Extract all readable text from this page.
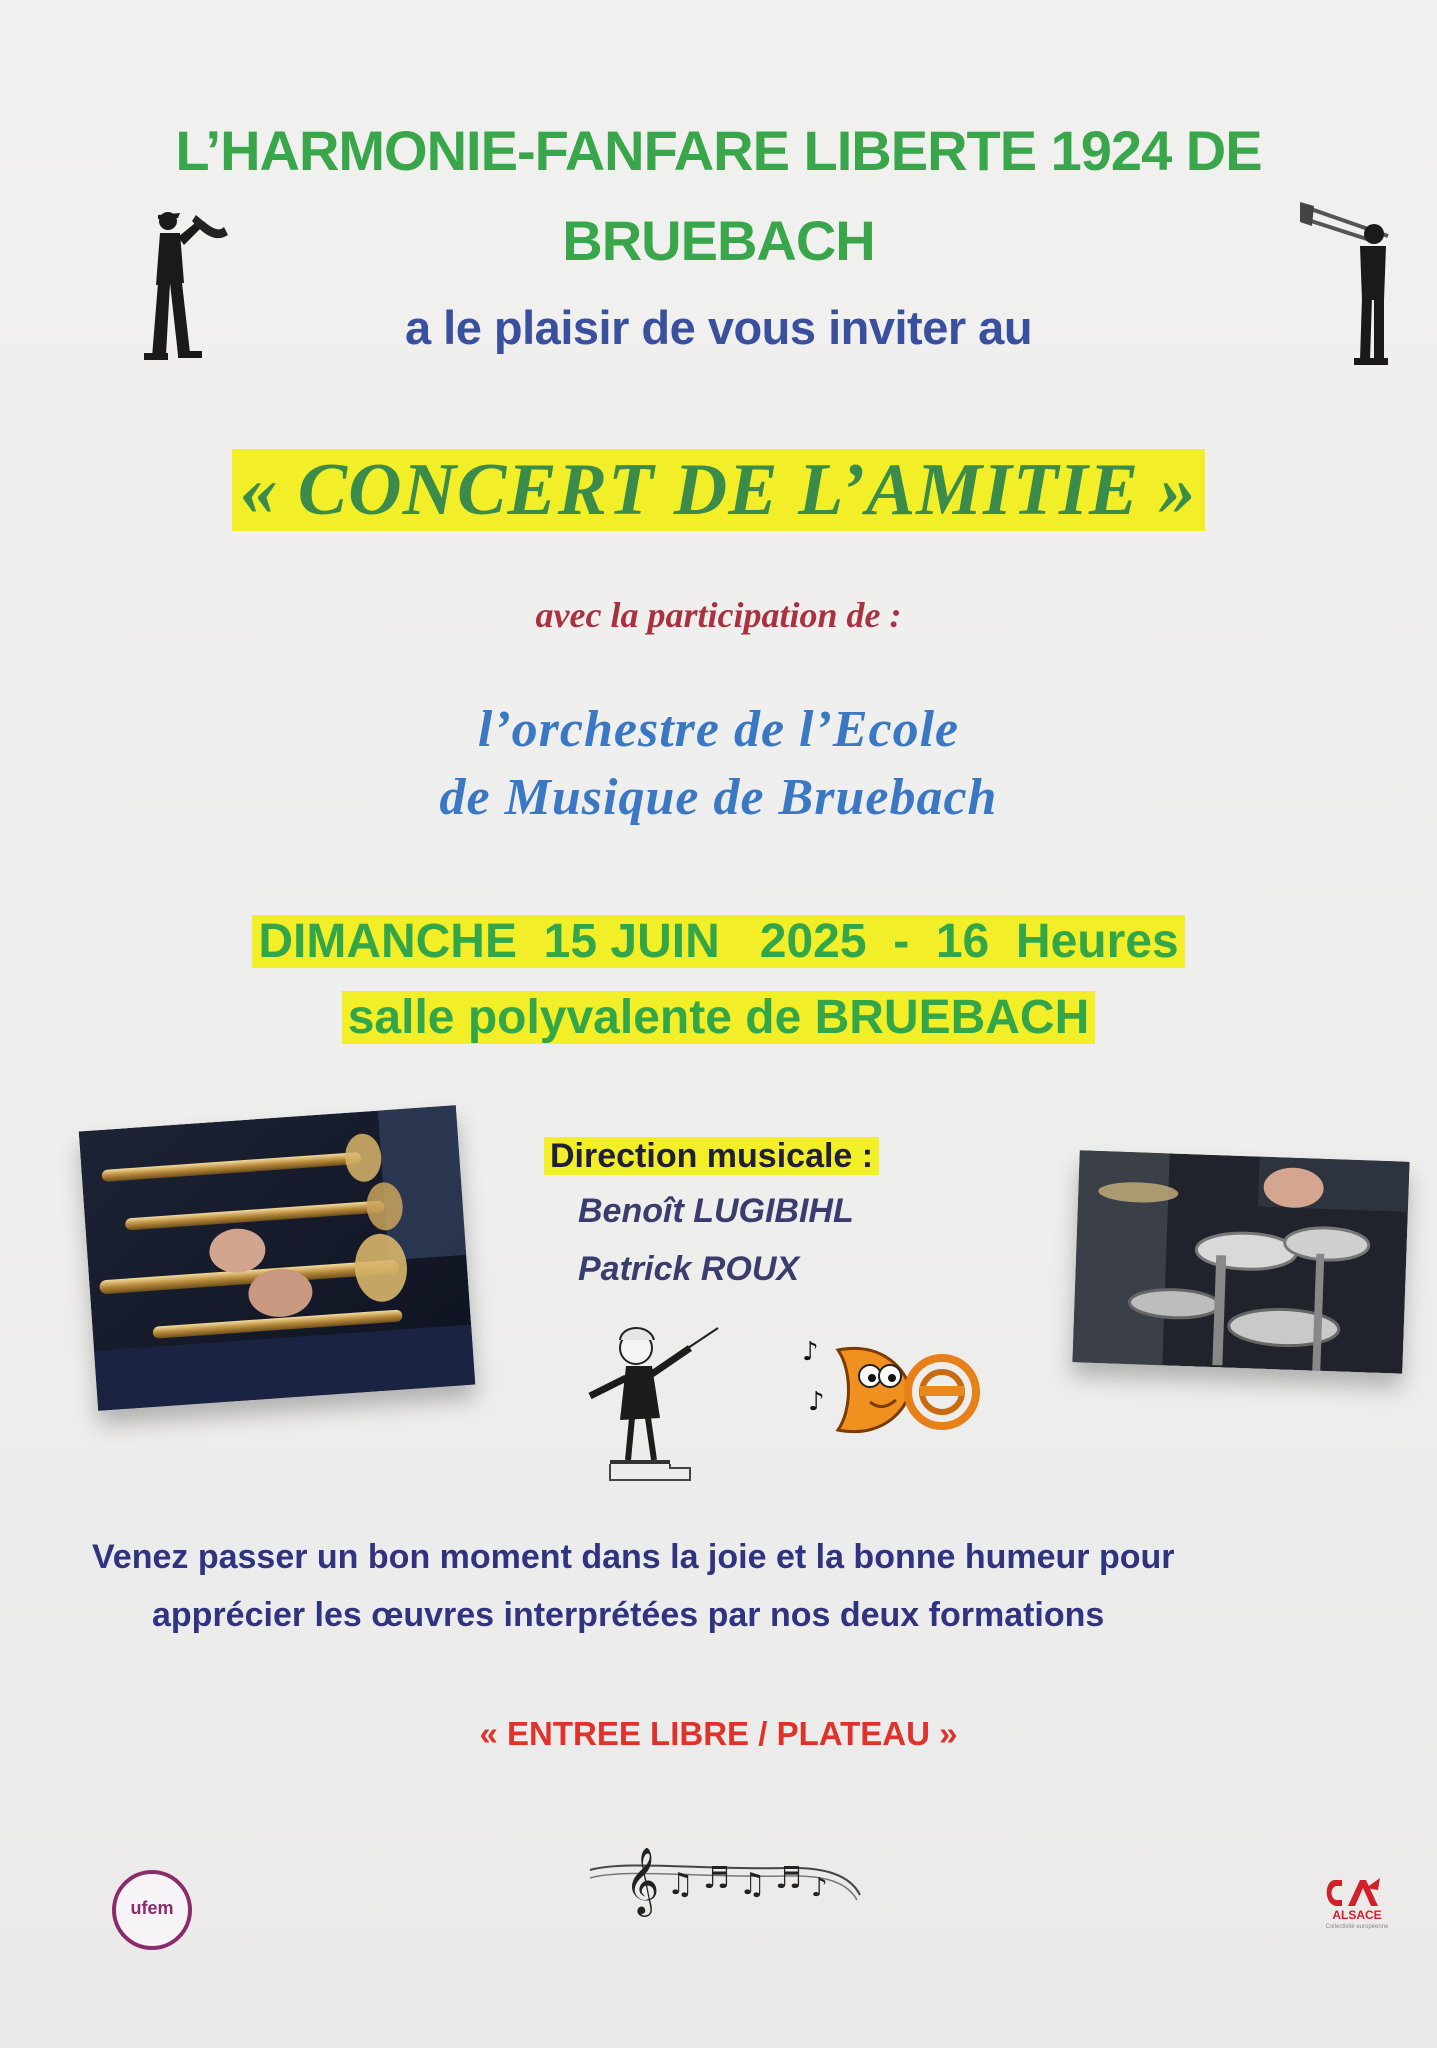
L’HARMONIE-FANFARE LIBERTE 1924 DE
BRUEBACH
a le plaisir de vous inviter au
« CONCERT DE L’AMITIE »
avec la participation de :
l’orchestre de l’Ecole
de Musique de Bruebach
DIMANCHE  15 JUIN   2025  -  16  Heures
salle polyvalente de BRUEBACH
Direction musicale :
Benoît LUGIBIHL
Patrick ROUX
♪
♪
Venez passer un bon moment dans la joie et la bonne humeur pour
apprécier les œuvres interprétées par nos deux formations
« ENTREE LIBRE / PLATEAU »
𝄞 ♫ ♬ ♫ ♬ ♪
ufem	ALSACE
Collectivité européenne
